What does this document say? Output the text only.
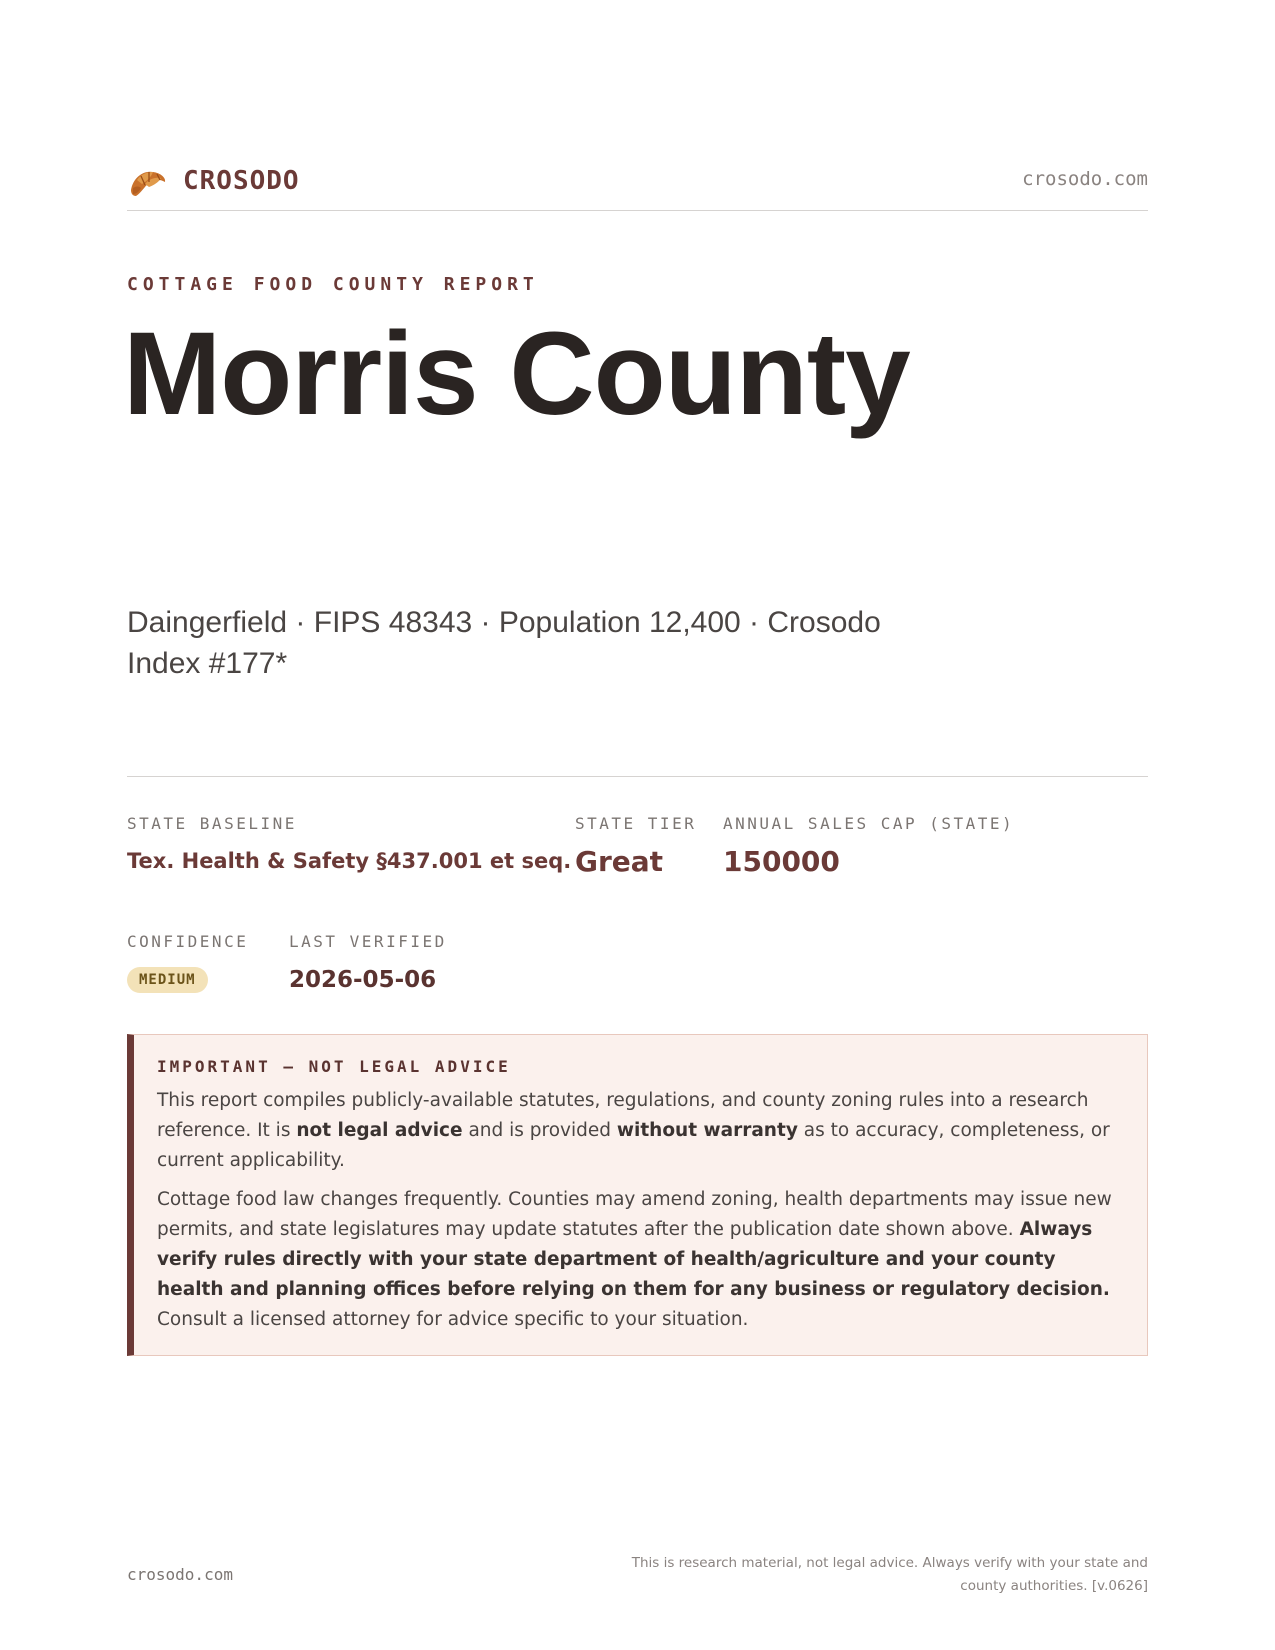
CROSODO	crosodo.com
COTTAGE FOOD COUNTY REPORT
Morris County
Daingerfield · FIPS 48343 · Population 12,400 · Crosodo Index #177*
STATE BASELINE
Tex. Health & Safety §437.001 et seq.
STATE TIER
Great
ANNUAL SALES CAP (STATE)
150000
CONFIDENCE
MEDIUM
LAST VERIFIED
2026-05-06
IMPORTANT — NOT LEGAL ADVICE

This report compiles publicly-available statutes, regulations, and county zoning rules into a research reference. It is not legal advice and is provided without warranty as to accuracy, completeness, or current applicability.

Cottage food law changes frequently. Counties may amend zoning, health departments may issue new permits, and state legislatures may update statutes after the publication date shown above. Always verify rules directly with your state department of health/agriculture and your county health and planning offices before relying on them for any business or regulatory decision. Consult a licensed attorney for advice specific to your situation.

crosodo.com
This is research material, not legal advice. Always verify with your state and county authorities. [v.0626]
